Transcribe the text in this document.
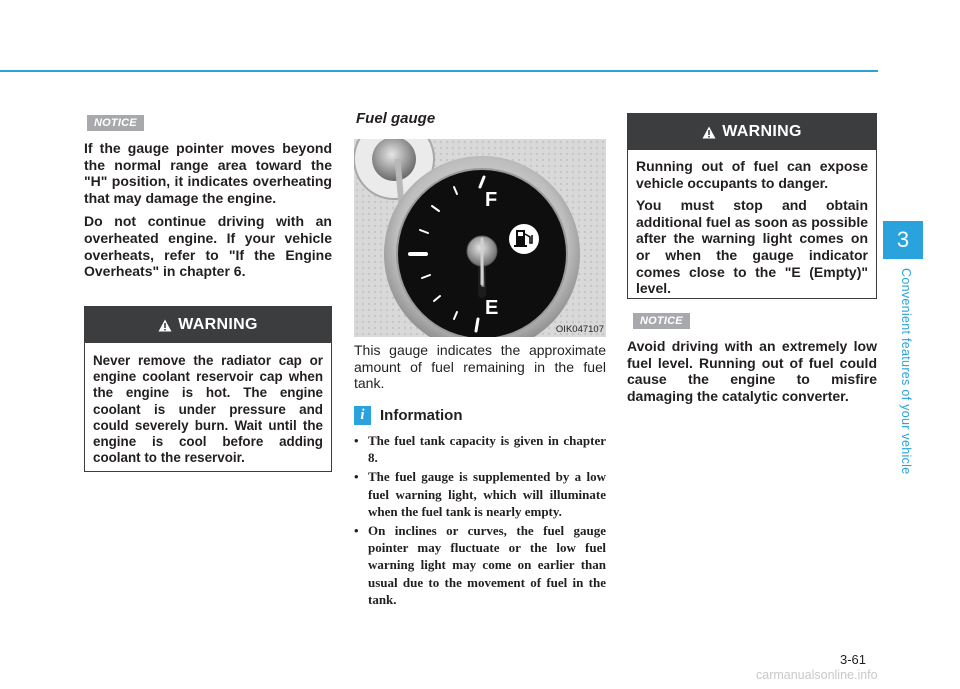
NOTICE

If the gauge pointer moves beyond the normal range area toward the "H" position, it indicates overheating that may damage the engine.

Do not continue driving with an overheated engine. If your vehicle overheats, refer to "If the Engine Overheats" in chapter 6.

WARNING

Never remove the radiator cap or engine coolant reservoir cap when the engine is hot. The engine coolant is under pressure and could severely burn. Wait until the engine is cool before adding coolant to the reservoir.

Fuel gauge
F
E
OIK047107

This gauge indicates the approximate amount of fuel remaining in the fuel tank.

i	Information
• The fuel tank capacity is given in chapter 8.
• The fuel gauge is supplemented by a low fuel warning light, which will illuminate when the fuel tank is nearly empty.
• On inclines or curves, the fuel gauge pointer may fluctuate or the low fuel warning light may come on earlier than usual due to the movement of fuel in the tank.
WARNING

Running out of fuel can expose vehicle occupants to danger.

You must stop and obtain additional fuel as soon as possible after the warning light comes on or when the gauge indicator comes close to the "E (Empty)" level.

NOTICE

Avoid driving with an extremely low fuel level. Running out of fuel could cause the engine to misfire damaging the catalytic converter.

3
Convenient features of your vehicle
3-61
carmanualsonline.info
